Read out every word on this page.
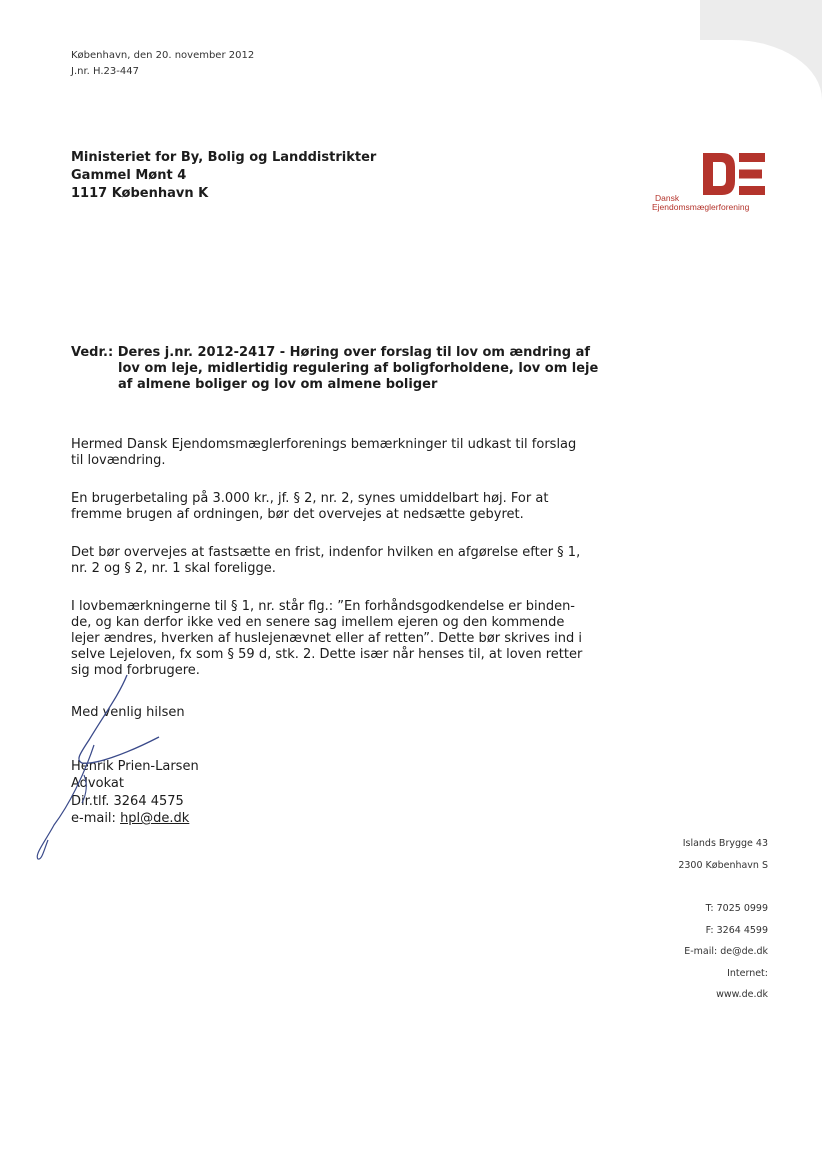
København, den 20. november 2012
J.nr. H.23-447
Ministeriet for By, Bolig og Landdistrikter
Gammel Mønt 4
1117 København K	Dansk
Ejendomsmæglerforening
Vedr.: Deres j.nr. 2012-2417 - Høring over forslag til lov om ændring af
lov om leje, midlertidig regulering af boligforholdene, lov om leje
af almene boliger og lov om almene boliger

Hermed Dansk Ejendomsmæglerforenings bemærkninger til udkast til forslag til lovændring.

En brugerbetaling på 3.000 kr., jf. § 2, nr. 2, synes umiddelbart høj. For at fremme brugen af ordningen, bør det overvejes at nedsætte gebyret.

Det bør overvejes at fastsætte en frist, indenfor hvilken en afgørelse efter § 1, nr. 2 og § 2, nr. 1 skal foreligge.

I lovbemærkningerne til § 1, nr. står flg.: ”En forhåndsgodkendelse er binden-de, og kan derfor ikke ved en senere sag imellem ejeren og den kommende lejer ændres, hverken af huslejenævnet eller af retten”. Dette bør skrives ind i selve Lejeloven, fx som § 59 d, stk. 2. Dette især når henses til, at loven retter sig mod forbrugere.

Med venlig hilsen
Henrik Prien-Larsen
Advokat
Dir.tlf. 3264 4575
e-mail: hpl@de.dk
Islands Brygge 43
2300 København S
T: 7025 0999
F: 3264 4599
E-mail: de@de.dk
Internet:
www.de.dk
